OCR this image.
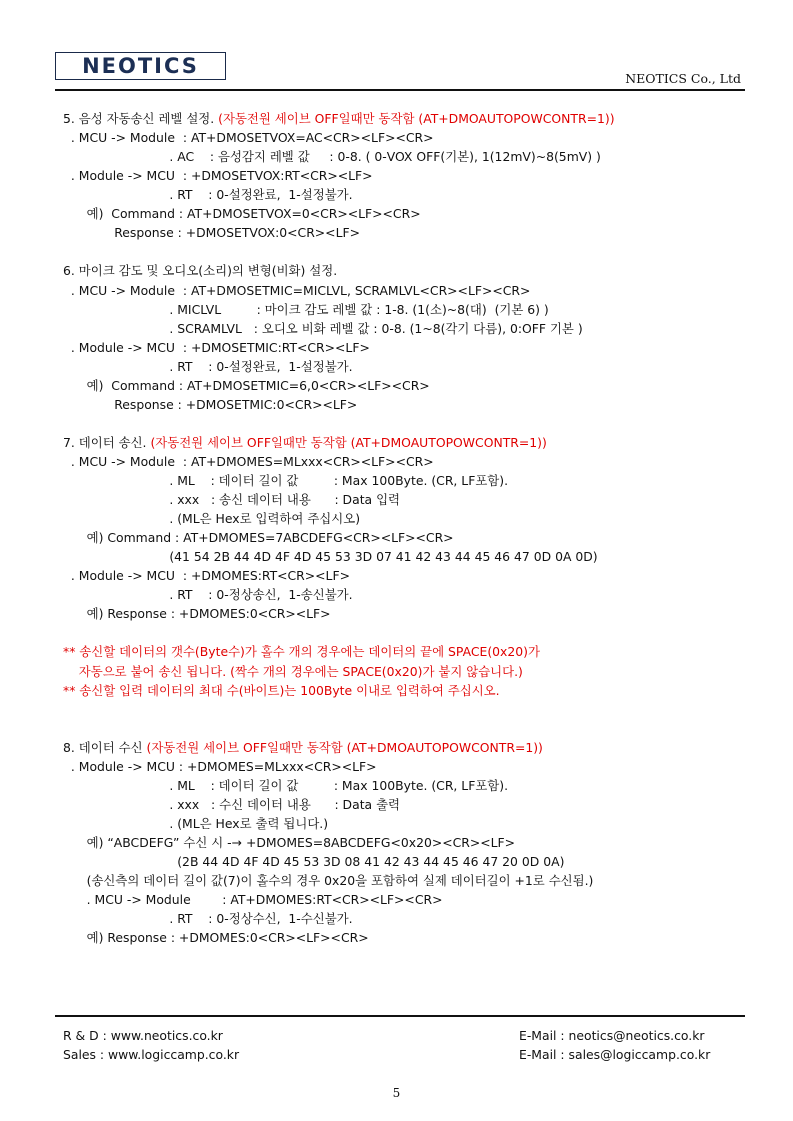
NEOTICS
NEOTICS Co., Ltd
5. 음성 자동송신 레벨 설정. (자동전원 세이브 OFF일때만 동작함 (AT+DMOAUTOPOWCONTR=1))
. MCU -> Module  : AT+DMOSETVOX=AC<CR><LF><CR>
. AC    : 음성감지 레벨 값     : 0-8. ( 0-VOX OFF(기본), 1(12mV)~8(5mV) )
. Module -> MCU  : +DMOSETVOX:RT<CR><LF>
. RT    : 0-설정완료,  1-설정불가.
예)  Command : AT+DMOSETVOX=0<CR><LF><CR>
Response : +DMOSETVOX:0<CR><LF>
6. 마이크 감도 및 오디오(소리)의 변형(비화) 설정.
. MCU -> Module  : AT+DMOSETMIC=MICLVL, SCRAMLVL<CR><LF><CR>
. MICLVL         : 마이크 감도 레벨 값 : 1-8. (1(소)~8(대)  (기본 6) )
. SCRAMLVL   : 오디오 비화 레벨 값 : 0-8. (1~8(각기 다름), 0:OFF 기본 )
. Module -> MCU  : +DMOSETMIC:RT<CR><LF>
. RT    : 0-설정완료,  1-설정불가.
예)  Command : AT+DMOSETMIC=6,0<CR><LF><CR>
Response : +DMOSETMIC:0<CR><LF>
7. 데이터 송신. (자동전원 세이브 OFF일때만 동작함 (AT+DMOAUTOPOWCONTR=1))
. MCU -> Module  : AT+DMOMES=MLxxx<CR><LF><CR>
. ML    : 데이터 길이 값         : Max 100Byte. (CR, LF포함).
. xxx   : 송신 데이터 내용      : Data 입력
. (ML은 Hex로 입력하여 주십시오)
예) Command : AT+DMOMES=7ABCDEFG<CR><LF><CR>
(41 54 2B 44 4D 4F 4D 45 53 3D 07 41 42 43 44 45 46 47 0D 0A 0D)
. Module -> MCU  : +DMOMES:RT<CR><LF>
. RT    : 0-정상송신,  1-송신불가.
예) Response : +DMOMES:0<CR><LF>
** 송신할 데이터의 갯수(Byte수)가 홀수 개의 경우에는 데이터의 끝에 SPACE(0x20)가
자동으로 붙어 송신 됩니다. (짝수 개의 경우에는 SPACE(0x20)가 붙지 않습니다.)
** 송신할 입력 데이터의 최대 수(바이트)는 100Byte 이내로 입력하여 주십시오.
8. 데이터 수신 (자동전원 세이브 OFF일때만 동작함 (AT+DMOAUTOPOWCONTR=1))
. Module -> MCU : +DMOMES=MLxxx<CR><LF>
. ML    : 데이터 길이 값         : Max 100Byte. (CR, LF포함).
. xxx   : 수신 데이터 내용      : Data 출력
. (ML은 Hex로 출력 됩니다.)
예) “ABCDEFG” 수신 시 -→ +DMOMES=8ABCDEFG<0x20><CR><LF>
(2B 44 4D 4F 4D 45 53 3D 08 41 42 43 44 45 46 47 20 0D 0A)
(송신측의 데이터 길이 값(7)이 홀수의 경우 0x20을 포함하여 실제 데이터길이 +1로 수신됨.)
. MCU -> Module        : AT+DMOMES:RT<CR><LF><CR>
. RT    : 0-정상수신,  1-수신불가.
예) Response : +DMOMES:0<CR><LF><CR>
R & D : www.neotics.co.kr
Sales : www.logiccamp.co.kr
E-Mail : neotics@neotics.co.kr
E-Mail : sales@logiccamp.co.kr
5
